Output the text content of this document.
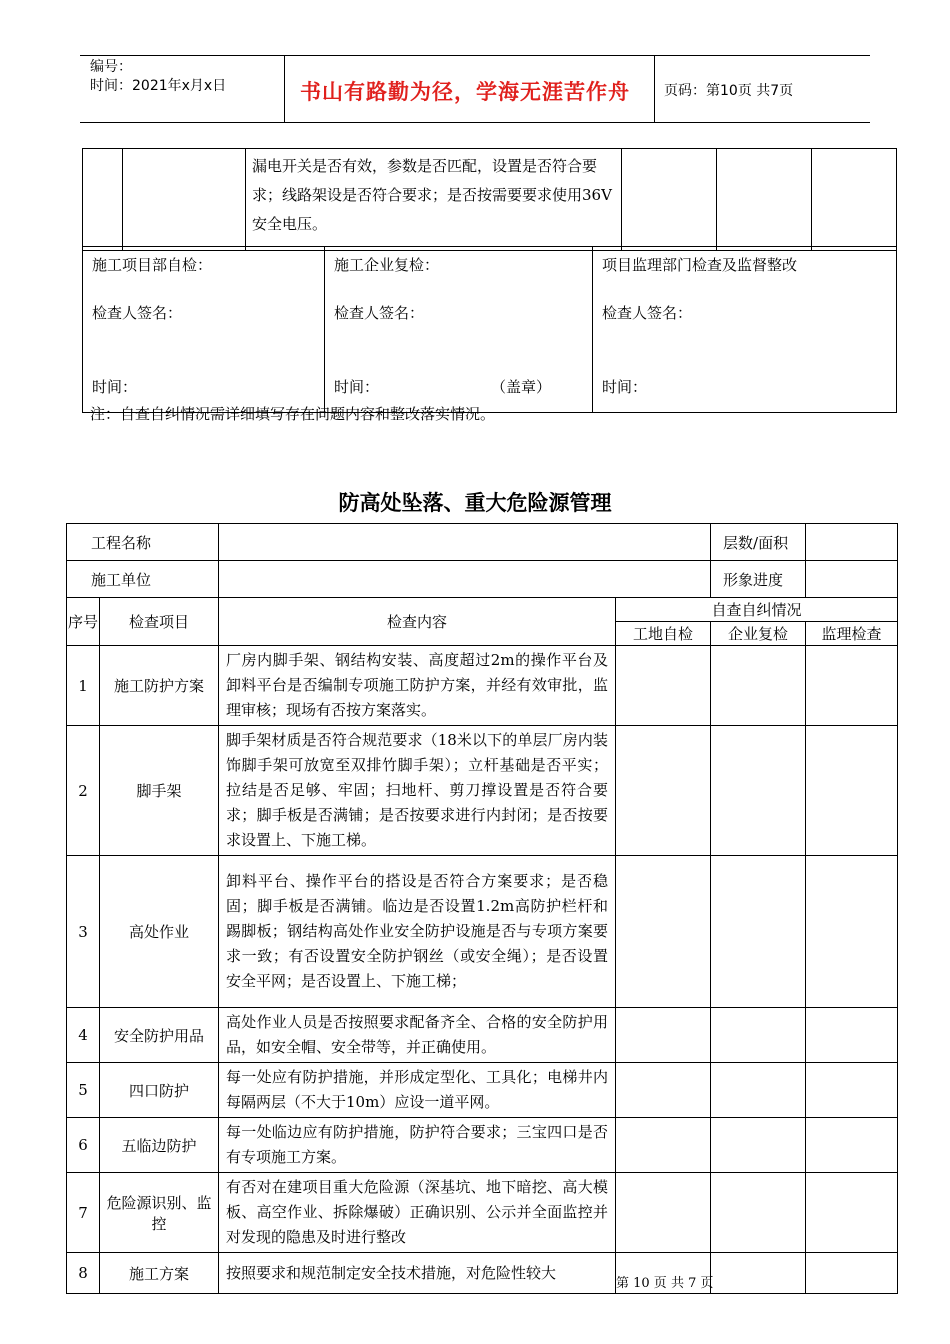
编号：
时间：2021年x月x日	书山有路勤为径，学海无涯苦作舟 页码：第10页 共7页
		漏电开关是否有效，参数是否匹配，设置是否符合要求；线路架设是否符合要求；是否按需要要求使用36V安全电压。			
施工项目部自检：
检查人签名：
时间：

施工企业复检：
检查人签名：
时间：	（盖章）

项目监理部门检查及监督整改
检查人签名：
时间：
注：自查自纠情况需详细填写存在问题内容和整改落实情况。
防高处坠落、重大危险源管理
工程名称				层数/面积	
施工单位				形象进度	
序号	检查项目	检查内容	自查自纠情况		
			工地自检	企业复检	监理检查
1	施工防护方案	厂房内脚手架、钢结构安装、高度超过2m的操作平台及卸料平台是否编制专项施工防护方案，并经有效审批，监理审核；现场有否按方案落实。			
2	脚手架	脚手架材质是否符合规范要求（18米以下的单层厂房内装饰脚手架可放宽至双排竹脚手架）；立杆基础是否平实；拉结是否足够、牢固；扫地杆、剪刀撑设置是否符合要求；脚手板是否满铺；是否按要求进行内封闭；是否按要求设置上、下施工梯。			
3	高处作业	卸料平台、操作平台的搭设是否符合方案要求；是否稳固；脚手板是否满铺。临边是否设置1.2m高防护栏杆和踢脚板；钢结构高处作业安全防护设施是否与专项方案要求一致；有否设置安全防护钢丝（或安全绳）；是否设置安全平网；是否设置上、下施工梯；			
4	安全防护用品	高处作业人员是否按照要求配备齐全、合格的安全防护用品，如安全帽、安全带等，并正确使用。			
5	四口防护	每一处应有防护措施，并形成定型化、工具化；电梯井内每隔两层（不大于10m）应设一道平网。			
6	五临边防护	每一处临边应有防护措施，防护符合要求；三宝四口是否有专项施工方案。			
7	危险源识别、监控	有否对在建项目重大危险源（深基坑、地下暗挖、高大模板、高空作业、拆除爆破）正确识别、公示并全面监控并对发现的隐患及时进行整改			
8	施工方案	按照要求和规范制定安全技术措施，对危险性较大			
第 10 页 共 7 页
